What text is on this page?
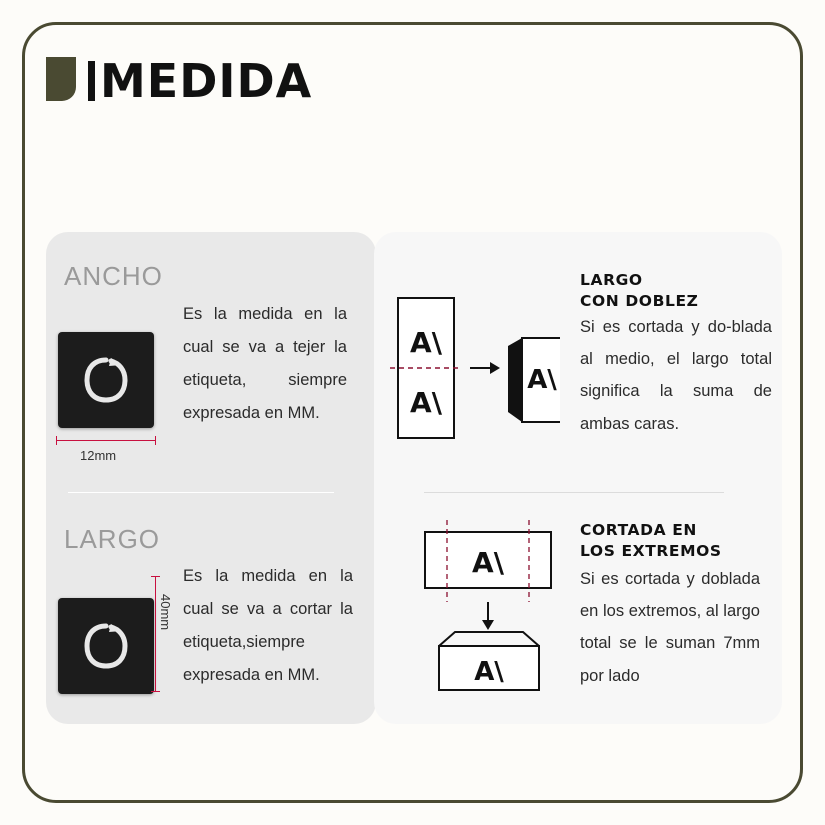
MEDIDA
ANCHO
12mm
Es la medida en la cual se va a tejer la etiqueta, siempre expresada en MM.
LARGO
40mm
Es la medida en la cual se va a cortar la etiqueta,siempre expresada en MM.
A\
A\
A\
LARGO
CON DOBLEZ
Si es cortada y do-blada al medio, el largo total significa la suma de ambas caras.
A\
A\
CORTADA EN
LOS EXTREMOS
Si es cortada y doblada en los extremos, al largo total se le suman 7mm por lado
